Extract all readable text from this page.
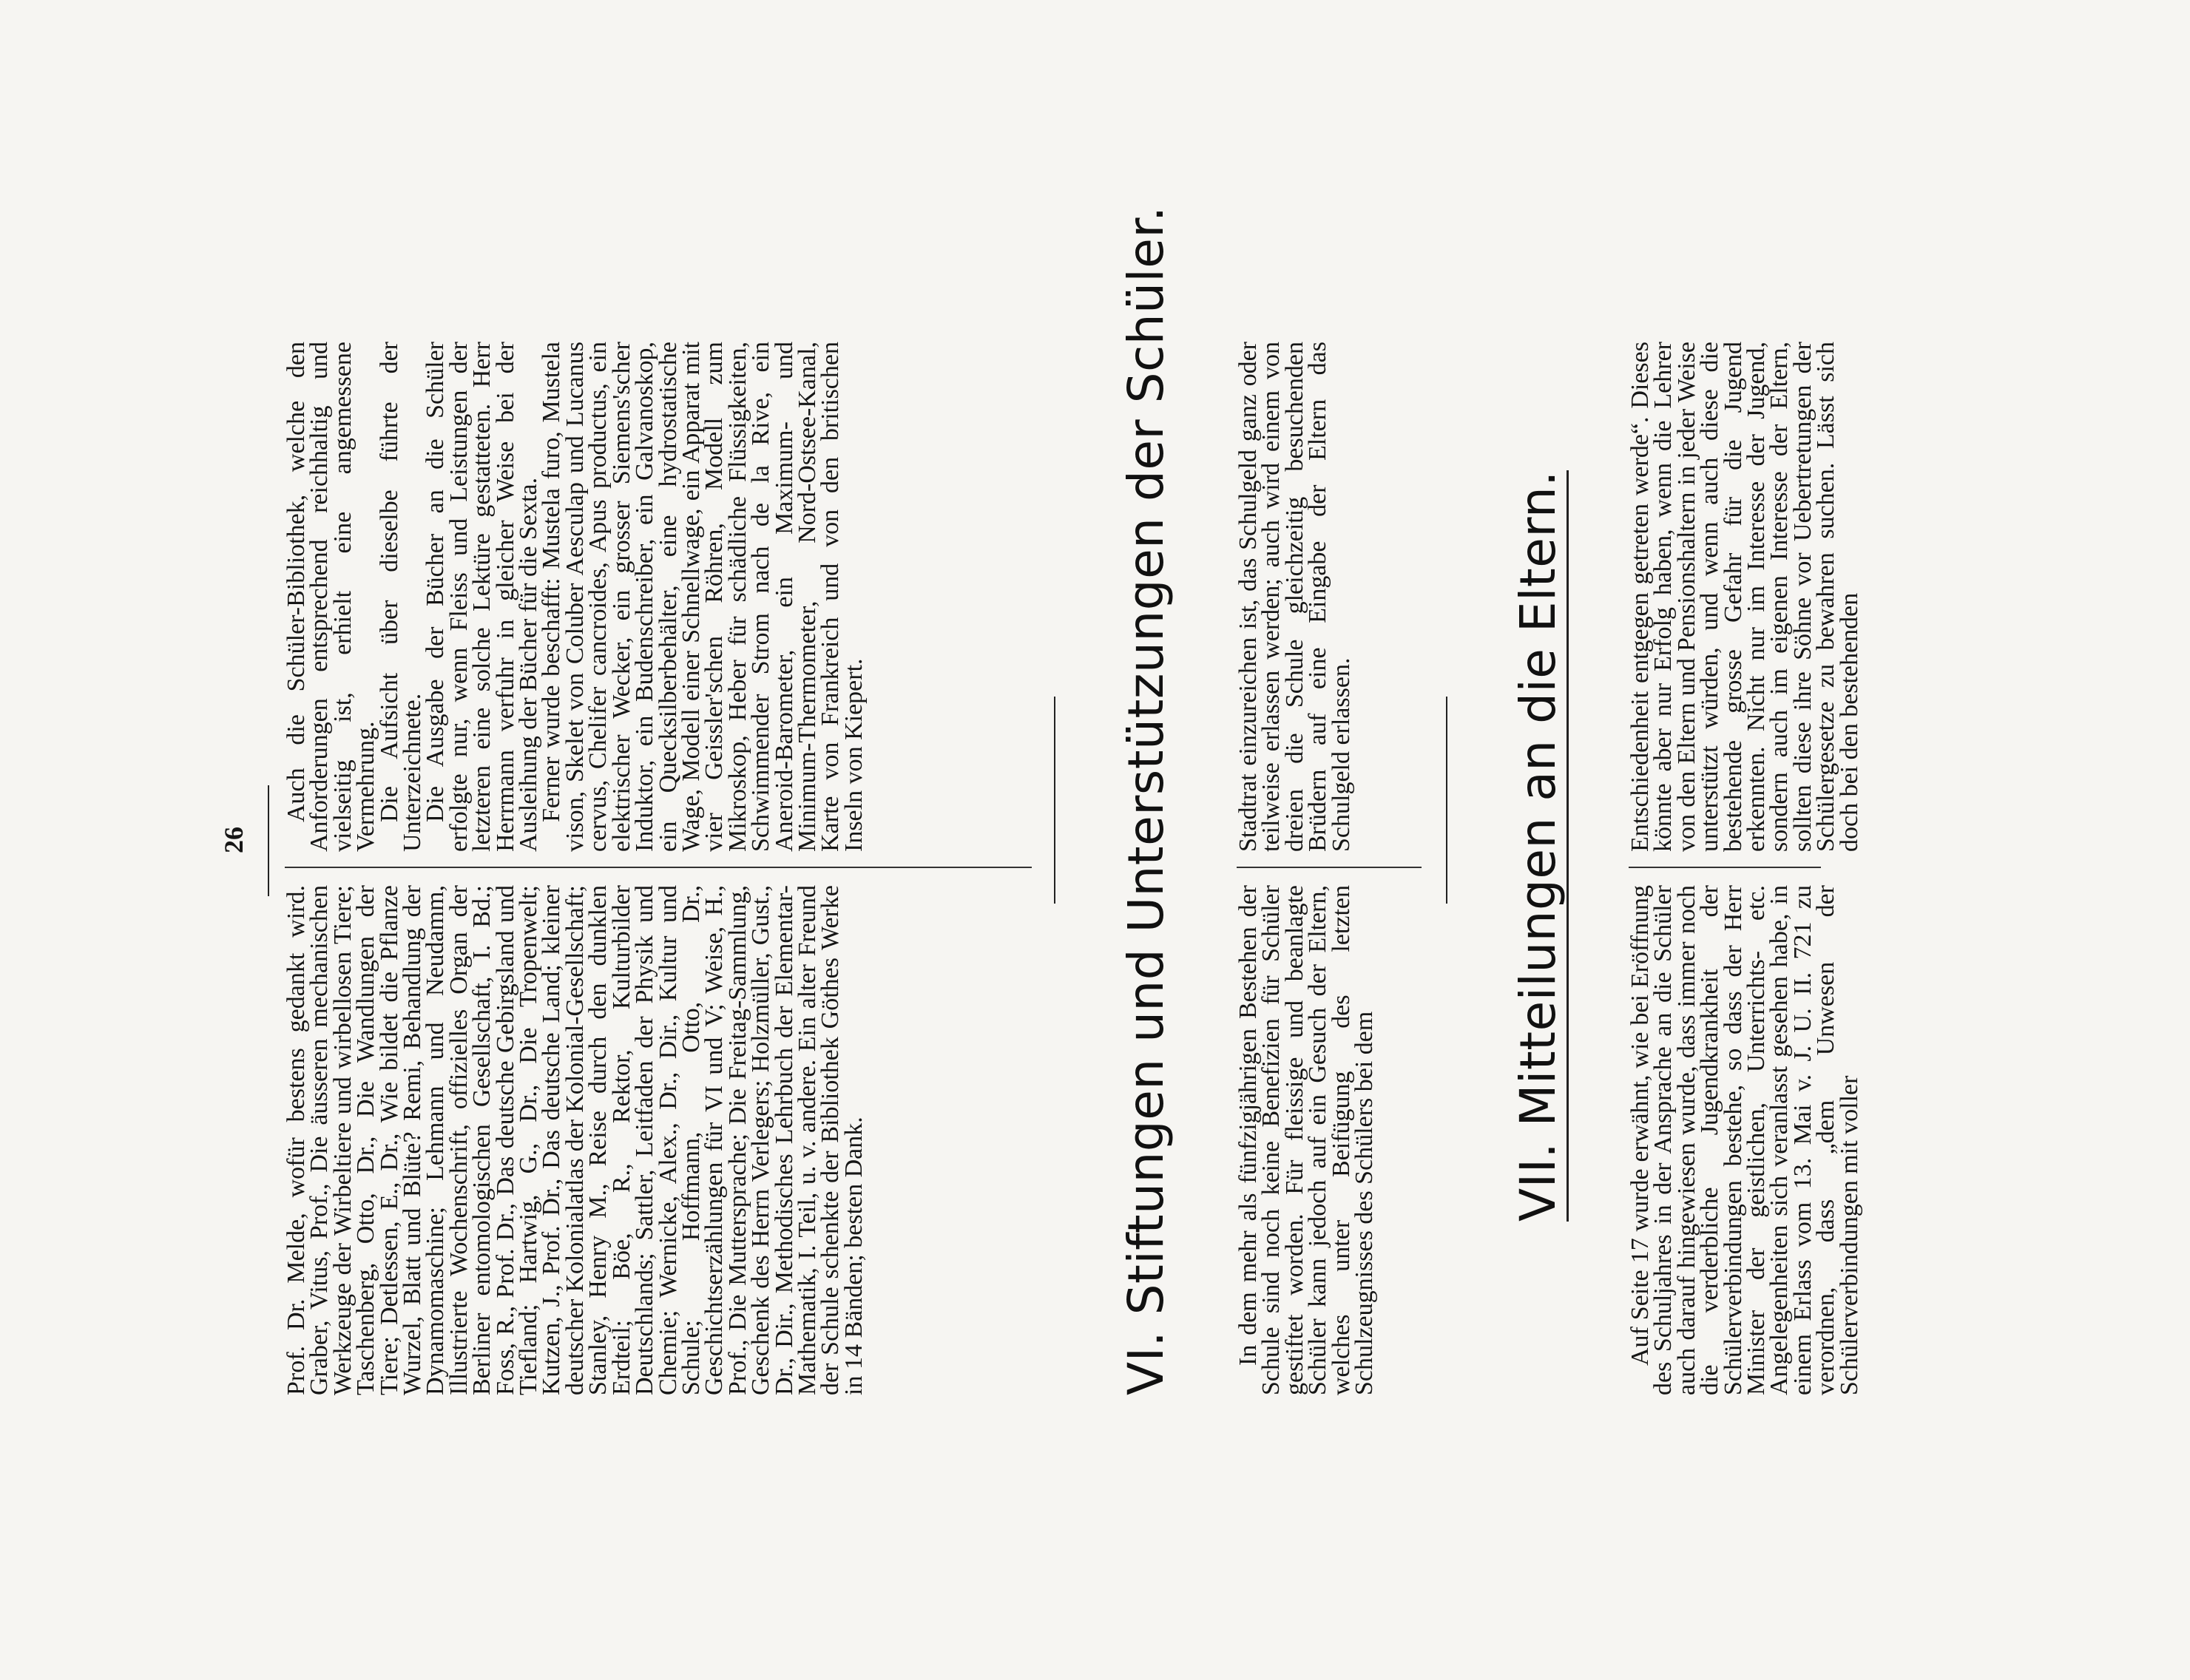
26

Prof. Dr. Melde, wofür bestens gedankt wird. Graber, Vitus, Prof., Die äusseren mechanischen Werkzeuge der Wirbeltiere und wirbellosen Tiere; Taschenberg, Otto, Dr., Die Wandlungen der Tiere; Detlessen, E., Dr., Wie bildet die Pflanze Wurzel, Blatt und Blüte? Remi, Behandlung der Dynamomaschine; Lehmann und Neudamm, Illustrierte Wochenschrift, offizielles Organ der Berliner entomologischen Gesellschaft, I. Bd.; Foss, R., Prof. Dr., Das deutsche Gebirgsland und Tiefland; Hartwig, G., Dr., Die Tropenwelt; Kutzen, J., Prof. Dr., Das deutsche Land; kleiner deutscher Kolonialatlas der Kolonial-Gesellschaft; Stanley, Henry M., Reise durch den dunklen Erdteil; Böe, R., Rektor, Kulturbilder Deutschlands; Sattler, Leitfaden der Physik und Chemie; Wernicke, Alex., Dr., Dir., Kultur und Schule; Hoffmann, Otto, Dr., Geschichtserzählungen für VI und V; Weise, H., Prof., Die Muttersprache; Die Freitag-Sammlung, Geschenk des Herrn Verlegers; Holzmüller, Gust., Dr., Dir., Methodisches Lehrbuch der Elementar-Mathematik, I. Teil, u. v. andere. Ein alter Freund der Schule schenkte der Bibliothek Göthes Werke in 14 Bänden; besten Dank.

Auch die Schüler-Bibliothek, welche den Anforderungen entsprechend reichhaltig und vielseitig ist, erhielt eine angemessene Vermehrung.

Die Aufsicht über dieselbe führte der Unterzeichnete.

Die Ausgabe der Bücher an die Schüler erfolgte nur, wenn Fleiss und Leistungen der letzteren eine solche Lektüre gestatteten. Herr Herrmann verfuhr in gleicher Weise bei der Ausleihung der Bücher für die Sexta.

Ferner wurde beschafft: Mustela furo, Mustela vison, Skelet von Coluber Aesculap und Lucanus cervus, Chelifer cancroides, Apus productus, ein elektrischer Wecker, ein grosser Siemens'scher Induktor, ein Budenschreiber, ein Galvanoskop, ein Quecksilberbehälter, eine hydrostatische Wage, Modell einer Schnellwage, ein Apparat mit vier Geissler'schen Röhren, Modell zum Mikroskop, Heber für schädliche Flüssigkeiten, Schwimmender Strom nach de la Rive, ein Aneroid-Barometer, ein Maximum- und Minimum-Thermometer, Nord-Ostsee-Kanal, Karte von Frankreich und von den britischen Inseln von Kiepert.	VI. Stiftungen und Unterstützungen der Schüler. In dem mehr als fünfzigjährigen Bestehen der Schule sind noch keine Benefizien für Schüler gestiftet worden. Für fleissige und beanlagte Schüler kann jedoch auf ein Gesuch der Eltern, welches unter Beifügung des letzten Schulzeugnisses des Schülers bei dem

Stadtrat einzureichen ist, das Schulgeld ganz oder teilweise erlassen werden; auch wird einem von dreien die Schule gleichzeitig besuchenden Brüdern auf eine Eingabe der Eltern das Schulgeld erlassen.	VII. Mitteilungen an die Eltern. Auf Seite 17 wurde erwähnt, wie bei Eröffnung des Schuljahres in der Ansprache an die Schüler auch darauf hingewiesen wurde, dass immer noch die verderbliche Jugendkrankheit der Schülerverbindungen bestehe, so dass der Herr Minister der geistlichen, Unterrichts- etc. Angelegenheiten sich veranlasst gesehen habe, in einem Erlass vom 13. Mai v. J. U. II. 721 zu verordnen, dass „dem Unwesen der Schülerverbindungen mit voller

Entschiedenheit entgegen getreten werde“. Dieses könnte aber nur Erfolg haben, wenn die Lehrer von den Eltern und Pensionshaltern in jeder Weise unterstützt würden, und wenn auch diese die bestehende grosse Gefahr für die Jugend erkennten. Nicht nur im Interesse der Jugend, sondern auch im eigenen Interesse der Eltern, sollten diese ihre Söhne vor Uebertretungen der Schülergesetze zu bewahren suchen. Lässt sich doch bei den bestehenden
